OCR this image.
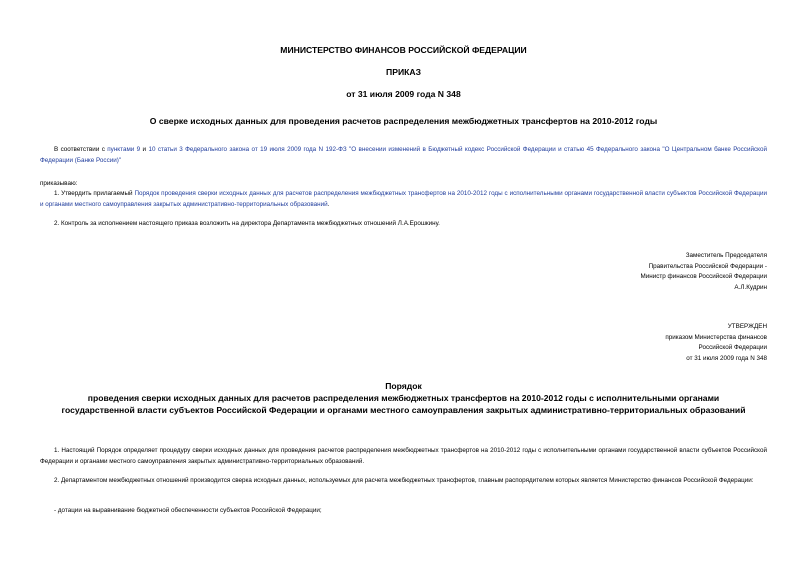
МИНИСТЕРСТВО ФИНАНСОВ РОССИЙСКОЙ ФЕДЕРАЦИИ
ПРИКАЗ
от 31 июля 2009 года N 348
О сверке исходных данных для проведения расчетов распределения межбюджетных трансфертов на 2010-2012 годы
В соответствии с пунктами 9 и 10 статьи 3 Федерального закона от 19 июля 2009 года N 192-ФЗ "О внесении изменений в Бюджетный кодекс Российской Федерации и статью 45 Федерального закона "О Центральном банке Российской Федерации (Банке России)"
приказываю:
1. Утвердить прилагаемый Порядок проведения сверки исходных данных для расчетов распределения межбюджетных трансфертов на 2010-2012 годы с исполнительными органами государственной власти субъектов Российской Федерации и органами местного самоуправления закрытых административно-территориальных образований.
2. Контроль за исполнением настоящего приказа возложить на директора Департамента межбюджетных отношений Л.А.Ерошкину.
Заместитель Председателя
Правительства Российской Федерации -
Министр финансов Российской Федерации
А.Л.Кудрин
УТВЕРЖДЕН
приказом Министерства финансов
Российской Федерации
от 31 июля 2009 года N 348
Порядок
проведения сверки исходных данных для расчетов распределения межбюджетных трансфертов на 2010-2012 годы с исполнительными органами
государственной власти субъектов Российской Федерации и органами местного самоуправления закрытых административно-территориальных образований
1. Настоящий Порядок определяет процедуру сверки исходных данных для проведения расчетов распределения межбюджетных трансфертов на 2010-2012 годы с исполнительными органами государственной власти субъектов Российской Федерации и органами местного самоуправления закрытых административно-территориальных образований.
2. Департаментом межбюджетных отношений производится сверка исходных данных, используемых для расчета межбюджетных трансфертов, главным распорядителем которых является Министерство финансов Российской Федерации:
- дотации на выравнивание бюджетной обеспеченности субъектов Российской Федерации;
